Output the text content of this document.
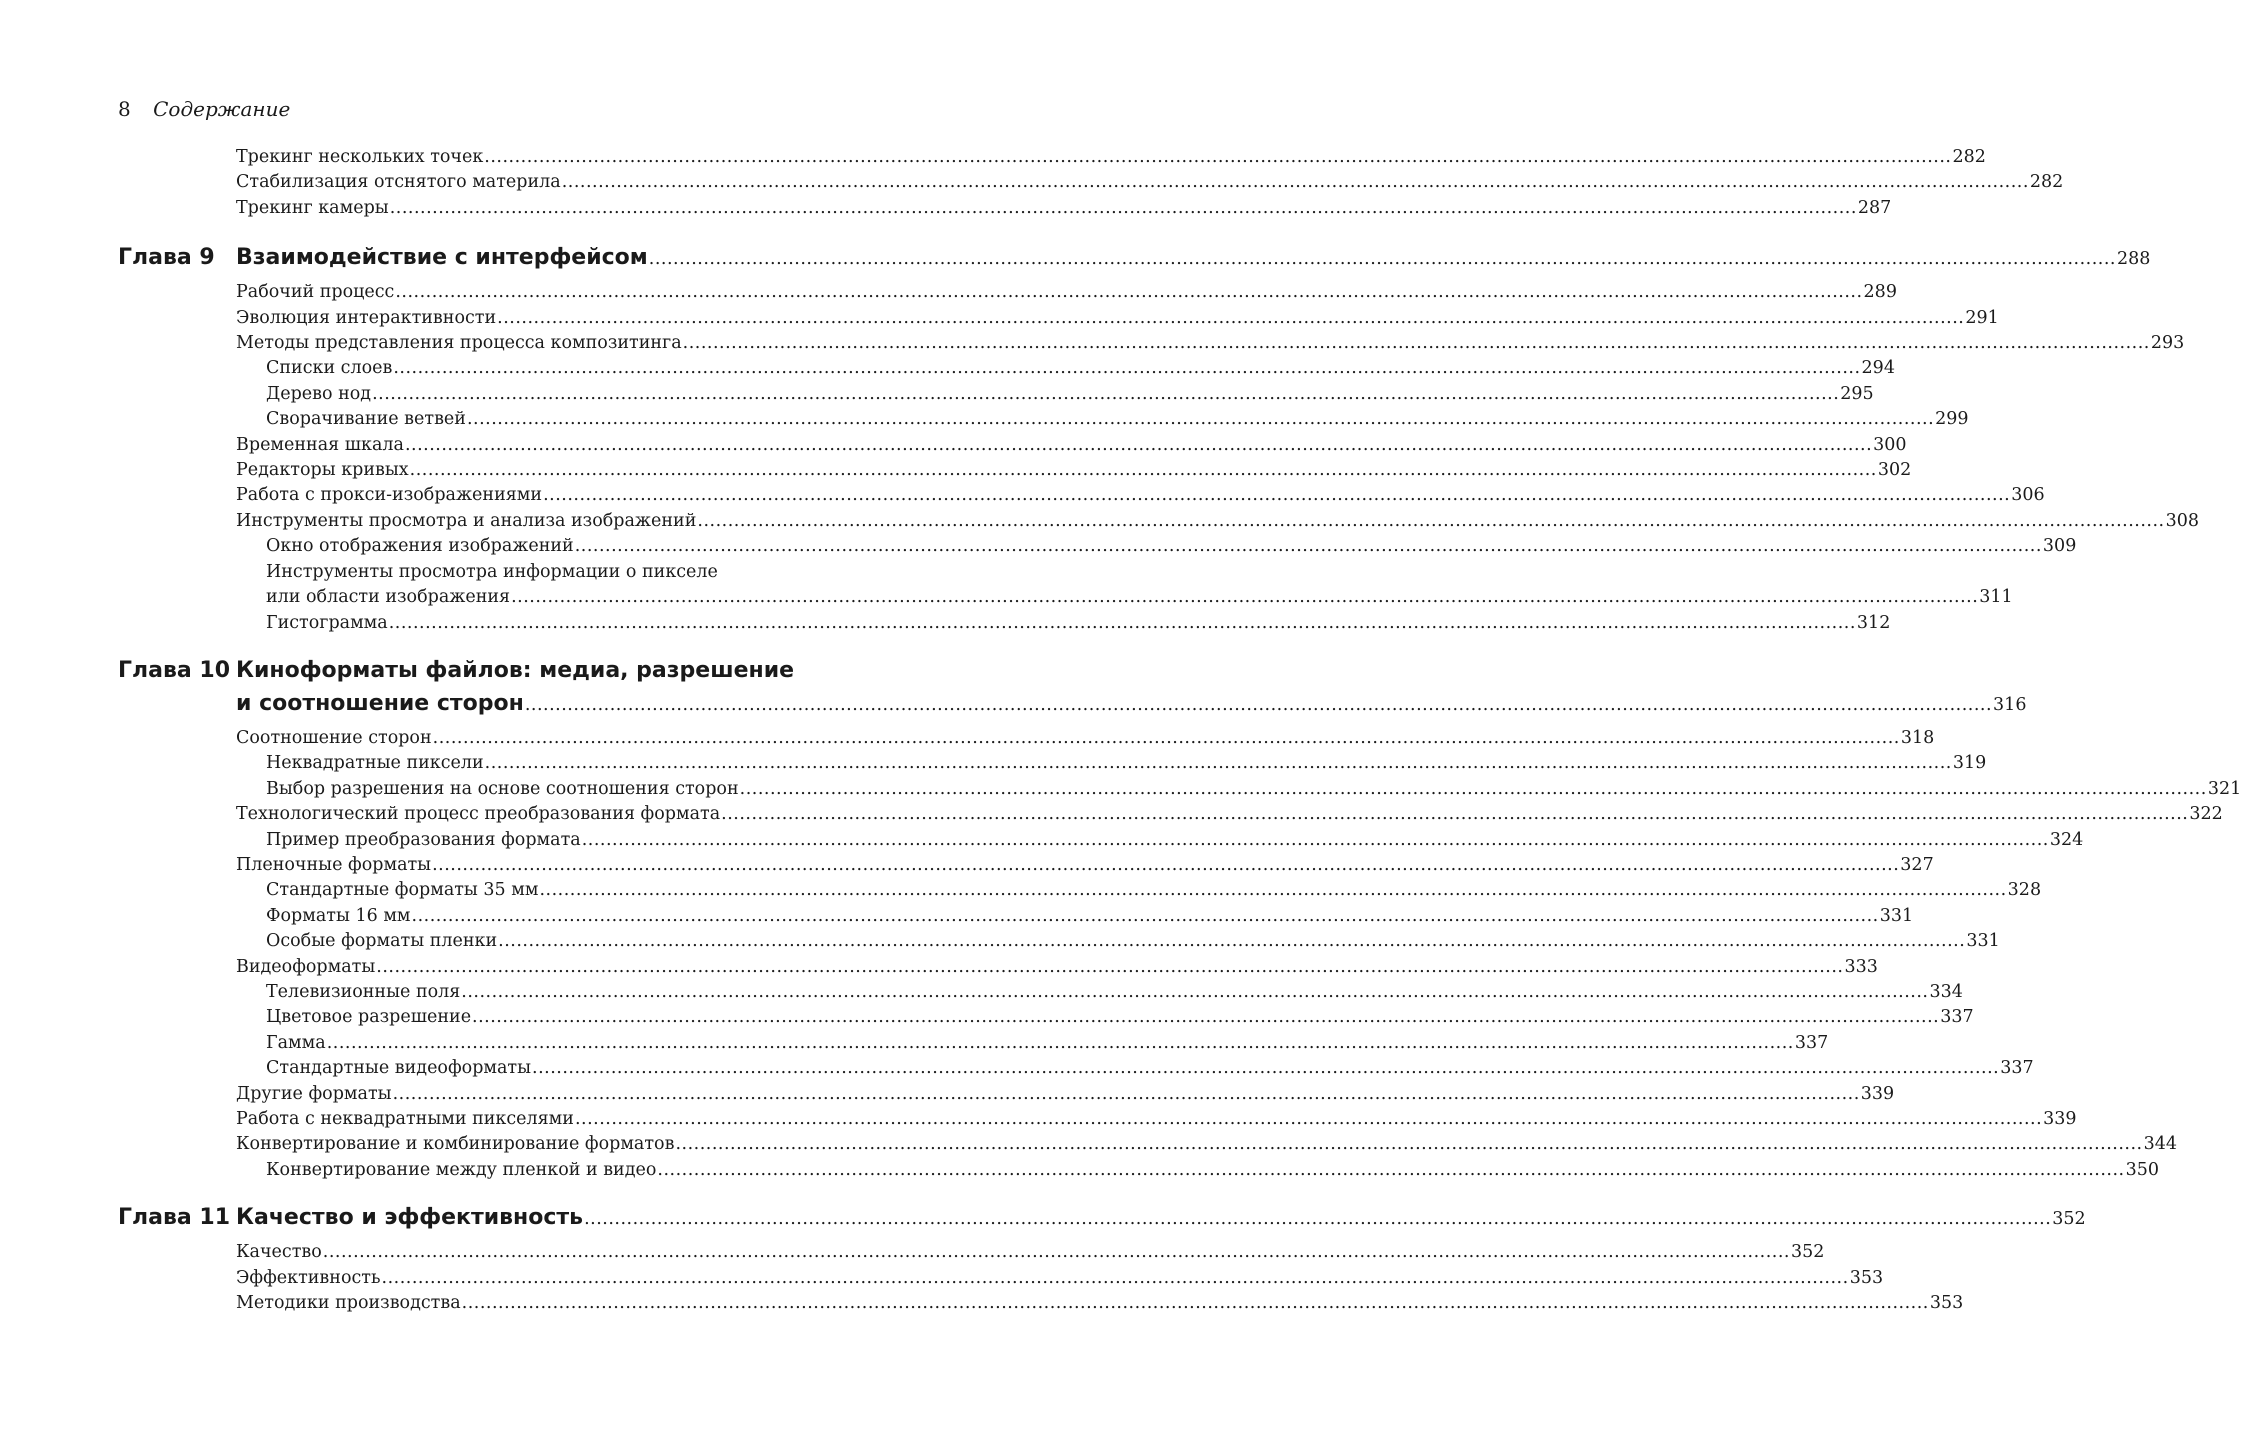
8 Содержание
Трекинг нескольких точек .....	282
Стабилизация отснятого материла .....	282
Трекинг камеры .....	287
Глава 9 Взаимодействие с интерфейсом .....	288
Рабочий процесс .....	289
Эволюция интерактивности .....	291
Методы представления процесса композитинга .....	293
Списки слоев .....	294
Дерево нод .....	295
Сворачивание ветвей .....	299
Временная шкала .....	300
Редакторы кривых .....	302
Работа с прокси-изображениями .....	306
Инструменты просмотра и анализа изображений .....	308
Окно отображения изображений .....	309
Инструменты просмотра информации о пикселе
или области изображения .....	311
Гистограмма .....	312
Глава 10 Киноформаты файлов: медиа, разрешение
и соотношение сторон .....	316
Соотношение сторон .....	318
Неквадратные пиксели .....	319
Выбор разрешения на основе соотношения сторон .....	321
Технологический процесс преобразования формата .....	322
Пример преобразования формата .....	324
Пленочные форматы .....	327
Стандартные форматы 35 мм .....	328
Форматы 16 мм .....	331
Особые форматы пленки .....	331
Видеоформаты .....	333
Телевизионные поля .....	334
Цветовое разрешение .....	337
Гамма .....	337
Стандартные видеоформаты .....	337
Другие форматы .....	339
Работа с неквадратными пикселями .....	339
Конвертирование и комбинирование форматов .....	344
Конвертирование между пленкой и видео .....	350
Глава 11 Качество и эффективность .....	352
Качество .....	352
Эффективность .....	353
Методики производства .....	353
